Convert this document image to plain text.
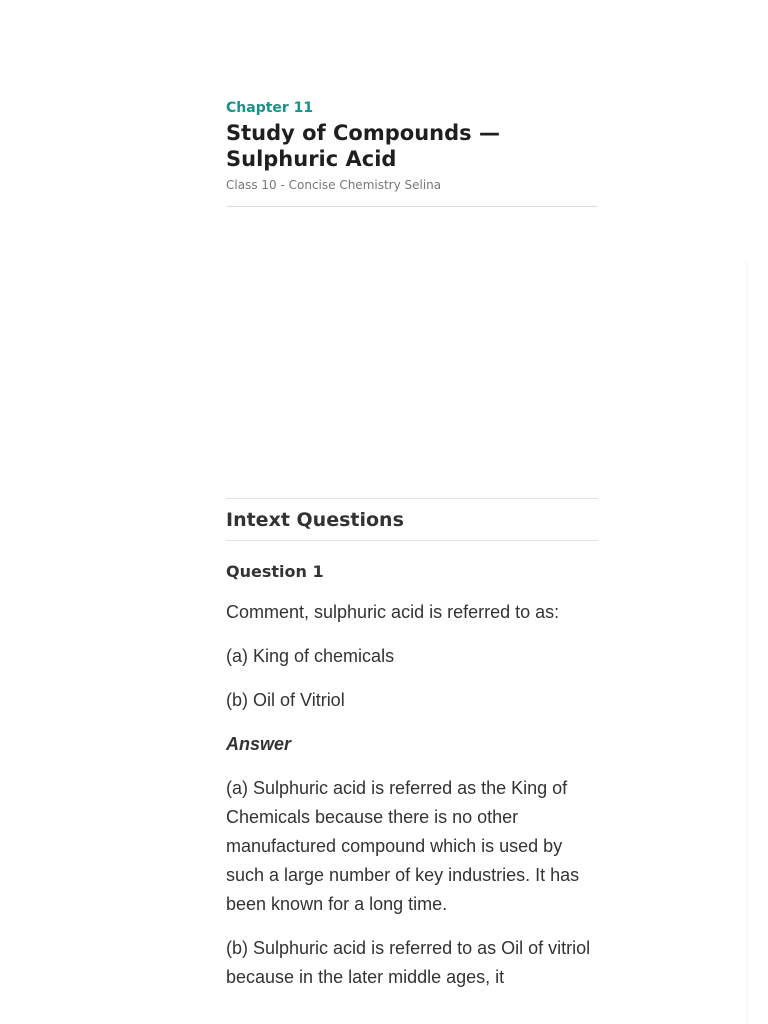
Chapter 11

Study of Compounds — Sulphuric Acid

Class 10 - Concise Chemistry Selina

Intext Questions
Question 1

Comment, sulphuric acid is referred to as:

(a) King of chemicals

(b) Oil of Vitriol

Answer

(a) Sulphuric acid is referred as the King of Chemicals because there is no other manufactured compound which is used by such a large number of key industries. It has been known for a long time.

(b) Sulphuric acid is referred to as Oil of vitriol because in the later middle ages, it
